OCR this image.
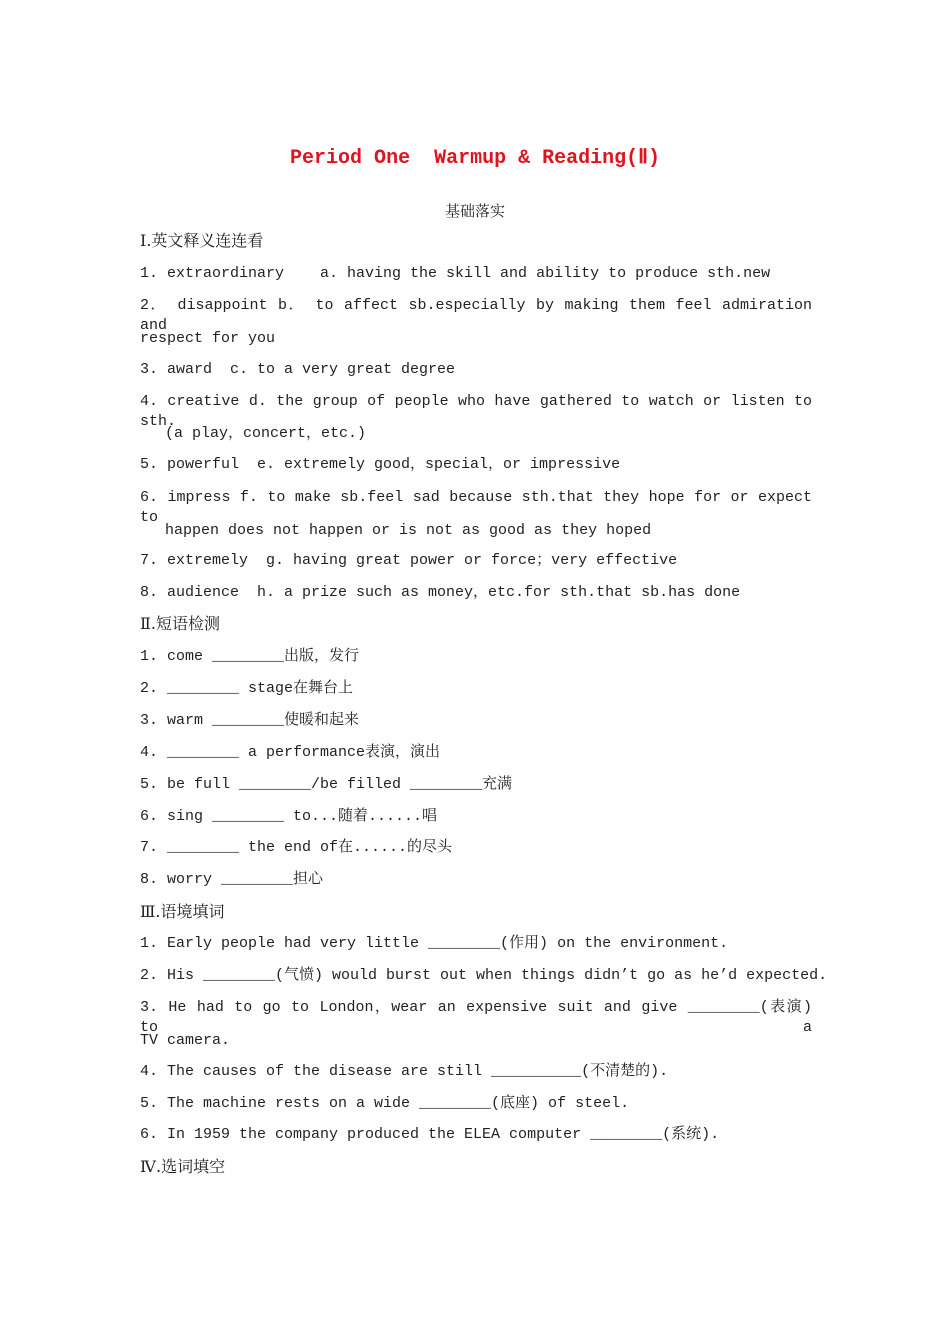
Period One  Warmup & Reading(Ⅱ)
基础落实
Ⅰ.英文释义连连看
1. extraordinary    a. having the skill and ability to produce sth.new
2． disappoint b． to affect sb.especially by making them feel admiration and
respect for you
3. award  c. to a very great degree
4. creative d. the group of people who have gathered to watch or listen to sth.
(a play，concert，etc.)
5. powerful  e. extremely good，special，or impressive
6. impress f. to make sb.feel sad because sth.that they hope for or expect to
happen does not happen or is not as good as they hoped
7. extremely  g. having great power or force；very effective
8. audience  h. a prize such as money，etc.for sth.that sb.has done
Ⅱ.短语检测
1. come ________出版，发行
2. ________ stage在舞台上
3. warm ________使暖和起来
4. ________ a performance表演，演出
5. be full ________/be filled ________充满
6. sing ________ to...随着......唱
7. ________ the end of在......的尽头
8. worry ________担心
Ⅲ.语境填词
1. Early people had very little ________(作用) on the environment.
2. His ________(气愤) would burst out when things didn’t go as he’d expected.
3. He had to go to London，wear an expensive suit and give ________(表演) to a
TV camera.
4. The causes of the disease are still __________(不清楚的).
5. The machine rests on a wide ________(底座) of steel.
6. In 1959 the company produced the ELEA computer ________(系统).
Ⅳ.选词填空
